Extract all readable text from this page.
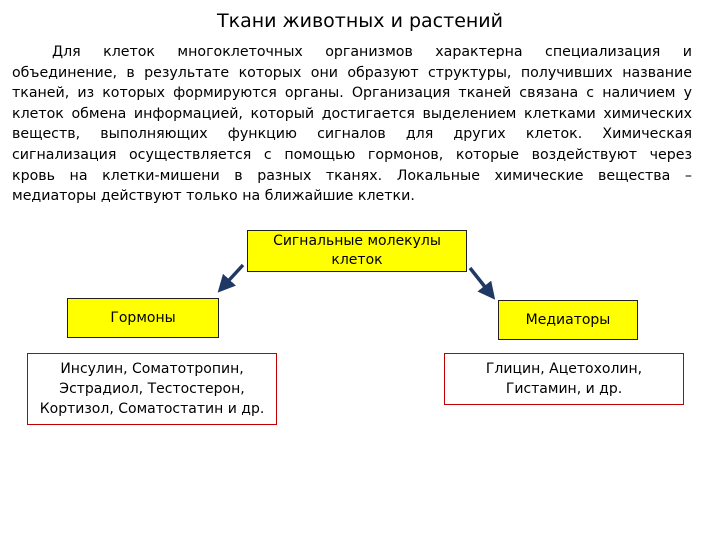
Ткани животных и растений
Для клеток многоклеточных организмов характерна специализация и
объединение, в результате которых они образуют структуры, получивших название
тканей, из которых формируются органы. Организация тканей связана с наличием у
клеток обмена информацией, который достигается выделением клетками химических
веществ, выполняющих функцию сигналов для других клеток. Химическая
сигнализация осуществляется с помощью гормонов, которые воздействуют через
кровь на клетки-мишени в разных тканях. Локальные химические вещества –
медиаторы действуют только на ближайшие клетки.
Сигнальные молекулы клеток
Гормоны	Медиаторы
Инсулин, Соматотропин, Эстрадиол, Тестостерон, Кортизол, Соматостатин и др.
Глицин, Ацетохолин, Гистамин, и др.
